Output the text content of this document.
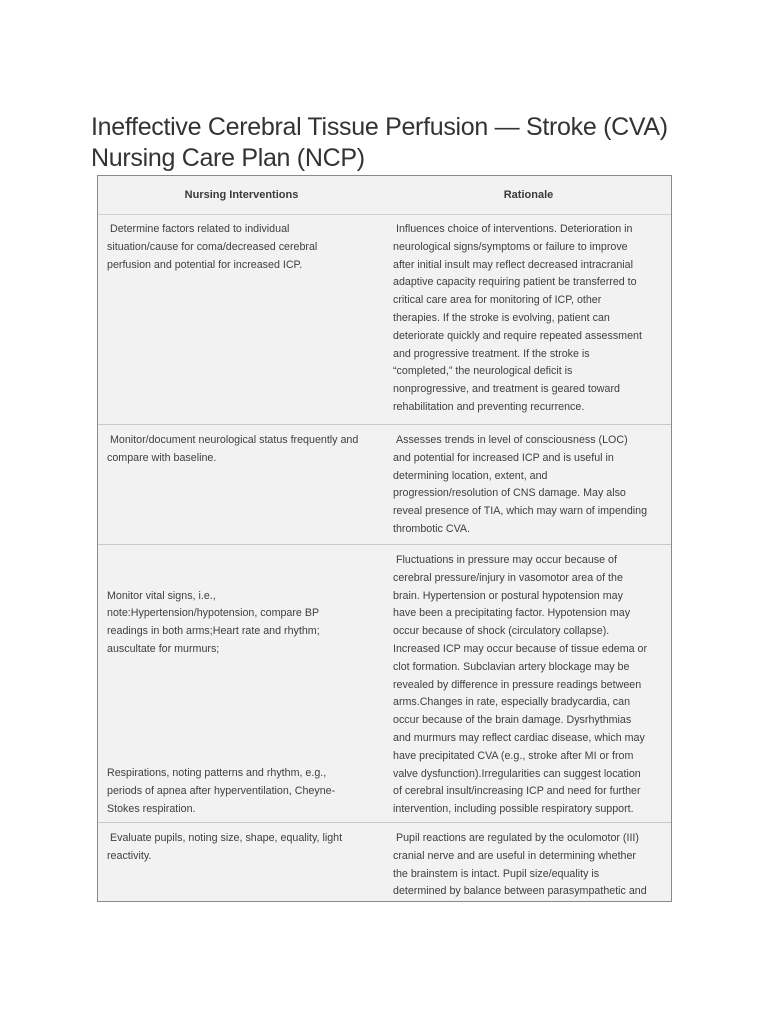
Ineffective Cerebral Tissue Perfusion — Stroke (CVA)
Nursing Care Plan (NCP)
Nursing Interventions	Rationale

Determine factors related to individual
situation/cause for coma/decreased cerebral
perfusion and potential for increased ICP.

Influences choice of interventions. Deterioration in
neurological signs/symptoms or failure to improve
after initial insult may reflect decreased intracranial
adaptive capacity requiring patient be transferred to
critical care area for monitoring of ICP, other
therapies. If the stroke is evolving, patient can
deteriorate quickly and require repeated assessment
and progressive treatment. If the stroke is
“completed,” the neurological deficit is
nonprogressive, and treatment is geared toward
rehabilitation and preventing recurrence.

Monitor/document neurological status frequently and
compare with baseline.

Assesses trends in level of consciousness (LOC)
and potential for increased ICP and is useful in
determining location, extent, and
progression/resolution of CNS damage. May also
reveal presence of TIA, which may warn of impending
thrombotic CVA.

Monitor vital signs, i.e.,
note:Hypertension/hypotension, compare BP
readings in both arms;Heart rate and rhythm;
auscultate for murmurs;

Respirations, noting patterns and rhythm, e.g.,
periods of apnea after hyperventilation, Cheyne-
Stokes respiration.

Fluctuations in pressure may occur because of
cerebral pressure/injury in vasomotor area of the
brain. Hypertension or postural hypotension may
have been a precipitating factor. Hypotension may
occur because of shock (circulatory collapse).
Increased ICP may occur because of tissue edema or
clot formation. Subclavian artery blockage may be
revealed by difference in pressure readings between
arms.Changes in rate, especially bradycardia, can
occur because of the brain damage. Dysrhythmias
and murmurs may reflect cardiac disease, which may
have precipitated CVA (e.g., stroke after MI or from
valve dysfunction).Irregularities can suggest location
of cerebral insult/increasing ICP and need for further
intervention, including possible respiratory support.

Evaluate pupils, noting size, shape, equality, light
reactivity.

Pupil reactions are regulated by the oculomotor (III)
cranial nerve and are useful in determining whether
the brainstem is intact. Pupil size/equality is
determined by balance between parasympathetic and
